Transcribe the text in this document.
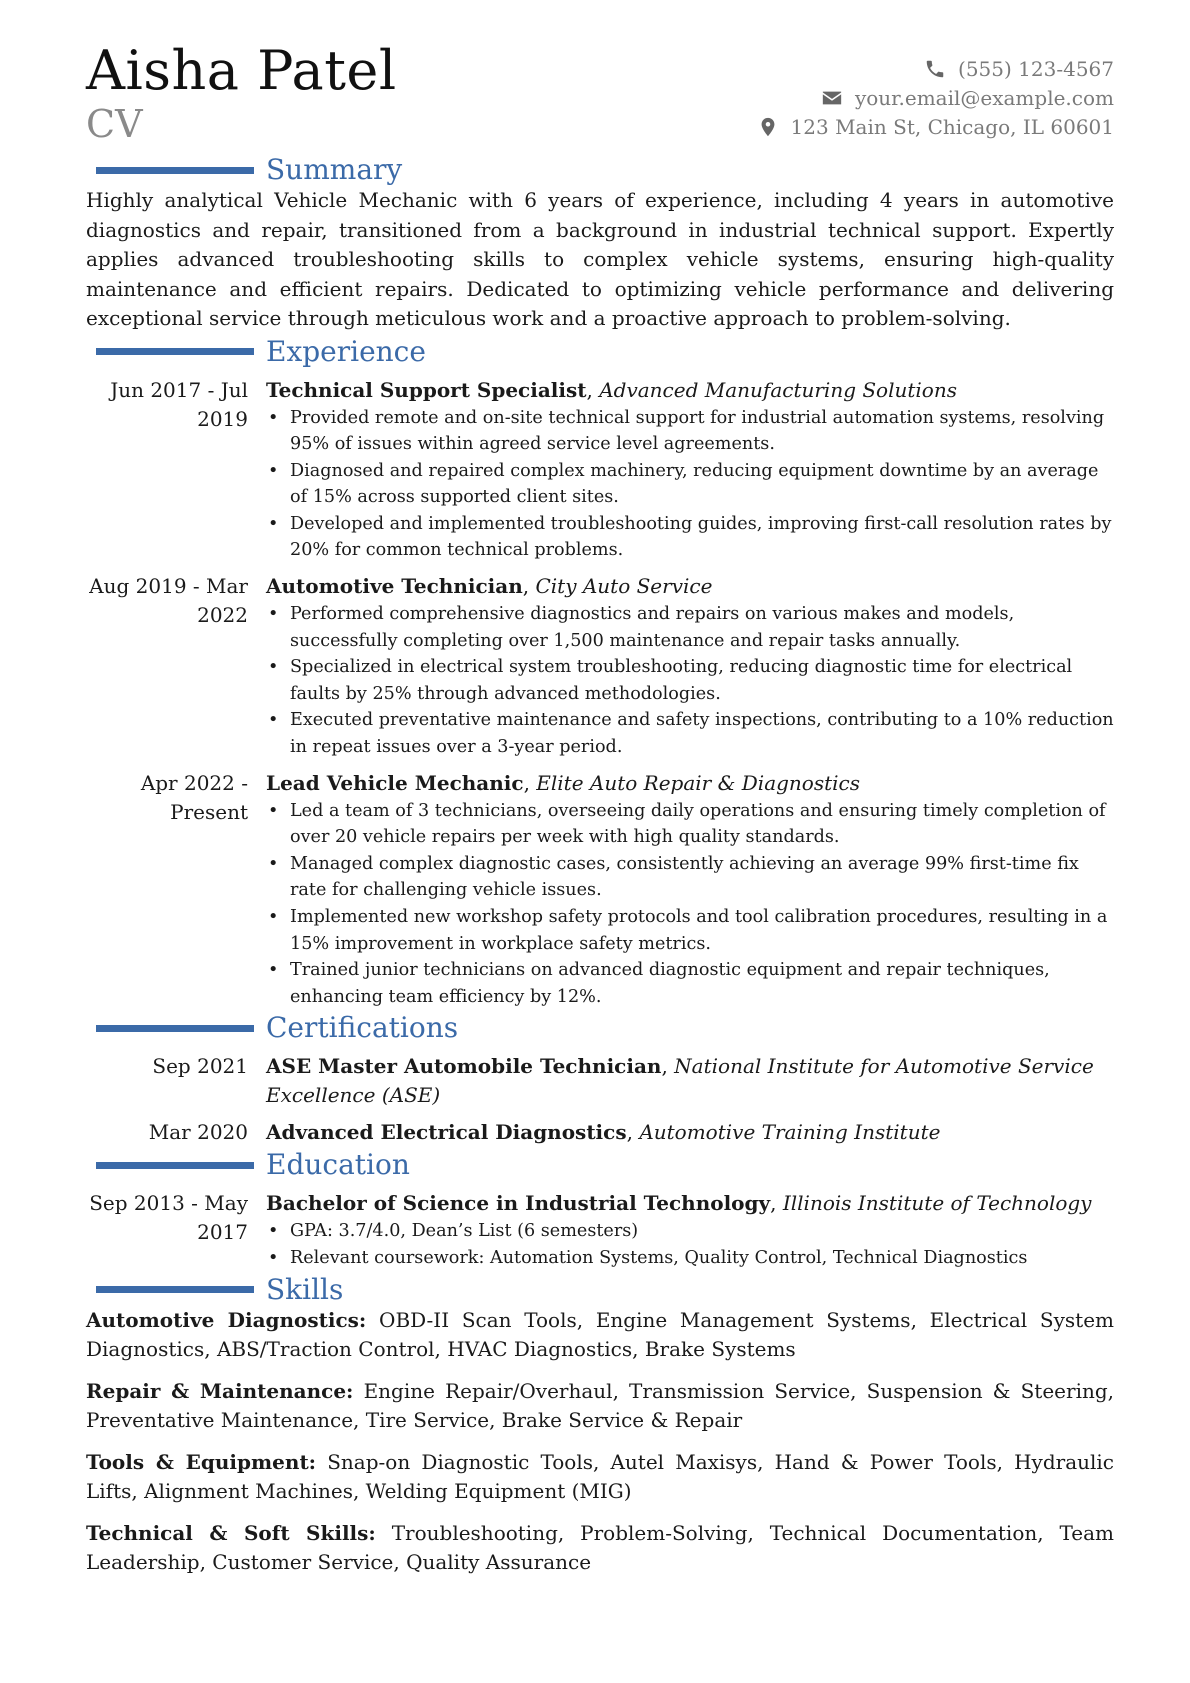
Aisha Patel
CV
(555) 123-4567
your.email@example.com
123 Main St, Chicago, IL 60601
Summary

Highly analytical Vehicle Mechanic with 6 years of experience, including 4 years in automotive diagnostics and repair, transitioned from a background in industrial technical support. Expertly applies advanced troubleshooting skills to complex vehicle systems, ensuring high-quality maintenance and efficient repairs. Dedicated to optimizing vehicle performance and delivering exceptional service through meticulous work and a proactive approach to problem-solving.

Experience
Jun 2017 - Jul 2019
Technical Support Specialist, Advanced Manufacturing Solutions
• Provided remote and on-site technical support for industrial automation systems, resolving 95% of issues within agreed service level agreements.
• Diagnosed and repaired complex machinery, reducing equipment downtime by an average of 15% across supported client sites.
• Developed and implemented troubleshooting guides, improving first-call resolution rates by 20% for common technical problems.
Aug 2019 - Mar 2022
Automotive Technician, City Auto Service
• Performed comprehensive diagnostics and repairs on various makes and models, successfully completing over 1,500 maintenance and repair tasks annually.
• Specialized in electrical system troubleshooting, reducing diagnostic time for electrical faults by 25% through advanced methodologies.
• Executed preventative maintenance and safety inspections, contributing to a 10% reduction in repeat issues over a 3-year period.
Apr 2022 - Present
Lead Vehicle Mechanic, Elite Auto Repair & Diagnostics
• Led a team of 3 technicians, overseeing daily operations and ensuring timely completion of over 20 vehicle repairs per week with high quality standards.
• Managed complex diagnostic cases, consistently achieving an average 99% first-time fix rate for challenging vehicle issues.
• Implemented new workshop safety protocols and tool calibration procedures, resulting in a 15% improvement in workplace safety metrics.
• Trained junior technicians on advanced diagnostic equipment and repair techniques, enhancing team efficiency by 12%.
Certifications
Sep 2021 ASE Master Automobile Technician, National Institute for Automotive Service Excellence (ASE)
Mar 2020 Advanced Electrical Diagnostics, Automotive Training Institute
Education
Sep 2013 - May 2017
Bachelor of Science in Industrial Technology, Illinois Institute of Technology
• GPA: 3.7/4.0, Dean’s List (6 semesters)
• Relevant coursework: Automation Systems, Quality Control, Technical Diagnostics
Skills

Automotive Diagnostics: OBD-II Scan Tools, Engine Management Systems, Electrical System Diagnostics, ABS/Traction Control, HVAC Diagnostics, Brake Systems

Repair & Maintenance: Engine Repair/Overhaul, Transmission Service, Suspension & Steering, Preventative Maintenance, Tire Service, Brake Service & Repair

Tools & Equipment: Snap-on Diagnostic Tools, Autel Maxisys, Hand & Power Tools, Hydraulic Lifts, Alignment Machines, Welding Equipment (MIG)

Technical & Soft Skills: Troubleshooting, Problem-Solving, Technical Documentation, Team Leadership, Customer Service, Quality Assurance
